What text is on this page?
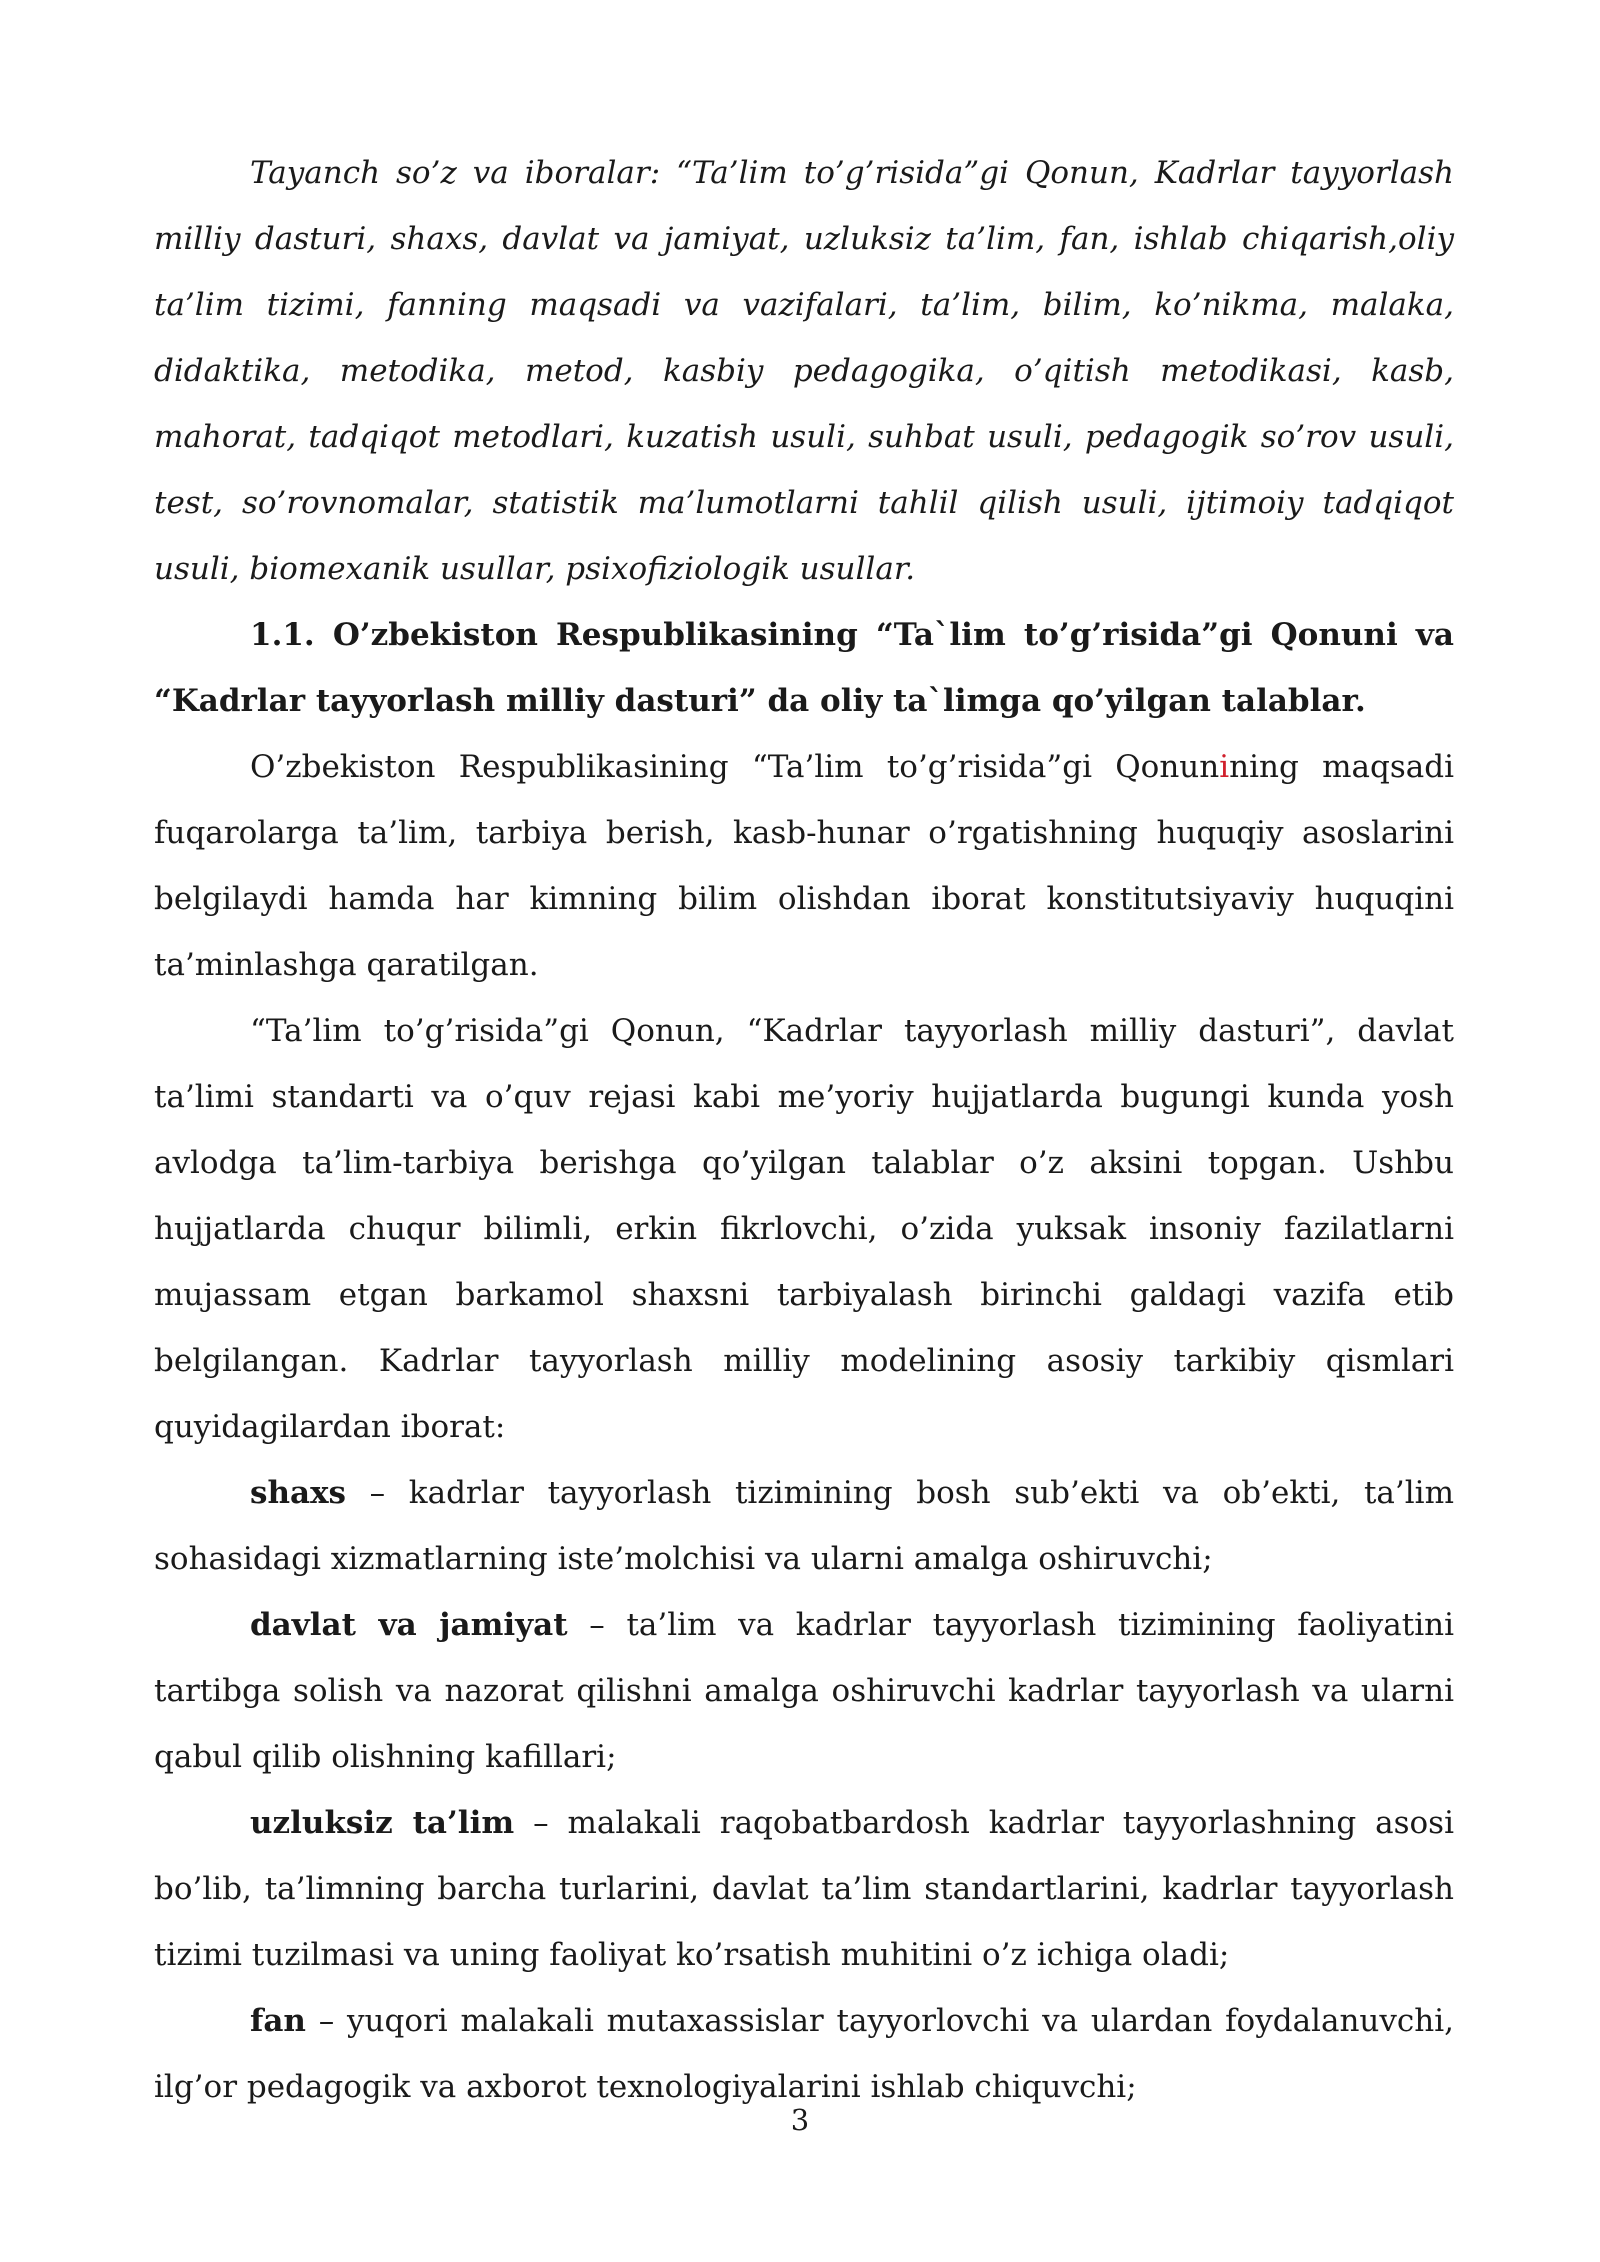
Tayanch so’z va iboralar: “Ta’lim to’g’risida”gi Qonun, Kadrlar tayyorlash milliy dasturi, shaxs, davlat va jamiyat, uzluksiz ta’lim, fan, ishlab chiqarish,oliy ta’lim tizimi, fanning maqsadi va vazifalari, ta’lim, bilim, ko’nikma, malaka, didaktika, metodika, metod, kasbiy pedagogika, o’qitish metodikasi, kasb, mahorat, tadqiqot metodlari, kuzatish usuli, suhbat usuli, pedagogik so’rov usuli, test, so’rovnomalar, statistik ma’lumotlarni tahlil qilish usuli, ijtimoiy tadqiqot usuli, biomexanik usullar, psixofiziologik usullar.

1.1. O’zbekiston Respublikasining “Ta`lim to’g’risida”gi Qonuni va “Kadrlar tayyorlash milliy dasturi” da oliy ta`limga qo’yilgan talablar.

O’zbekiston Respublikasining “Ta’lim to’g’risida”gi Qonunining maqsadi fuqarolarga ta’lim, tarbiya berish, kasb-hunar o’rgatishning huquqiy asoslarini belgilaydi hamda har kimning bilim olishdan iborat konstitutsiyaviy huquqini ta’minlashga qaratilgan.

“Ta’lim to’g’risida”gi Qonun, “Kadrlar tayyorlash milliy dasturi”, davlat ta’limi standarti va o’quv rejasi kabi me’yoriy hujjatlarda bugungi kunda yosh avlodga ta’lim-tarbiya berishga qo’yilgan talablar o’z aksini topgan. Ushbu hujjatlarda chuqur bilimli, erkin fikrlovchi, o’zida yuksak insoniy fazilatlarni mujassam etgan barkamol shaxsni tarbiyalash birinchi galdagi vazifa etib belgilangan. Kadrlar tayyorlash milliy modelining asosiy tarkibiy qismlari quyidagilardan iborat:

shaxs – kadrlar tayyorlash tizimining bosh sub’ekti va ob’ekti, ta’lim sohasidagi xizmatlarning iste’molchisi va ularni amalga oshiruvchi;

davlat va jamiyat – ta’lim va kadrlar tayyorlash tizimining faoliyatini tartibga solish va nazorat qilishni amalga oshiruvchi kadrlar tayyorlash va ularni qabul qilib olishning kafillari;

uzluksiz ta’lim – malakali raqobatbardosh kadrlar tayyorlashning asosi bo’lib, ta’limning barcha turlarini, davlat ta’lim standartlarini, kadrlar tayyorlash tizimi tuzilmasi va uning faoliyat ko’rsatish muhitini o’z ichiga oladi;

fan – yuqori malakali mutaxassislar tayyorlovchi va ulardan foydalanuvchi, ilg’or pedagogik va axborot texnologiyalarini ishlab chiquvchi;

3
